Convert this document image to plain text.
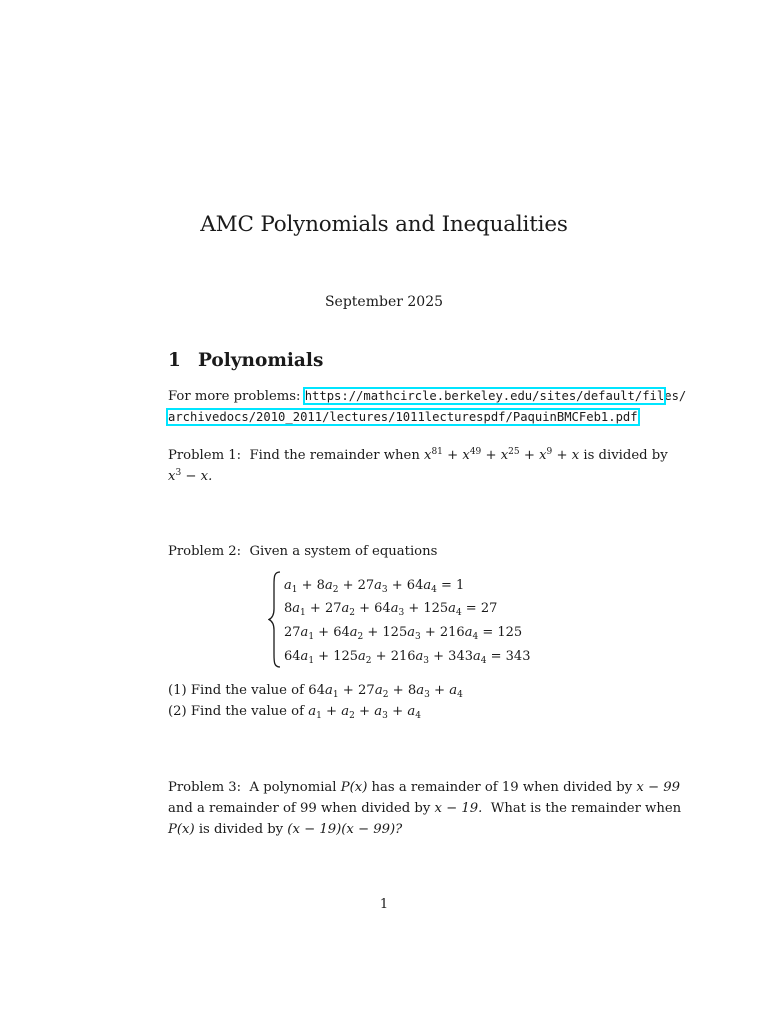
AMC Polynomials and Inequalities
September 2025
1 Polynomials
For more problems: https://mathcircle.berkeley.edu/sites/default/files/
archivedocs/2010_2011/lectures/1011lecturespdf/PaquinBMCFeb1.pdf
Problem 1: Find the remainder when $x^{81} + x^{49} + x^{25} + x^9 + x$ is divided by
$x^3 - x$.
Problem 2: Given a system of equations
$a_1 + 8a_2 + 27a_3 + 64a_4 = 1$
$8a_1 + 27a_2 + 64a_3 + 125a_4 = 27$
$27a_1 + 64a_2 + 125a_3 + 216a_4 = 125$
$64a_1 + 125a_2 + 216a_3 + 343a_4 = 343$
(1) Find the value of $64a_1 + 27a_2 + 8a_3 + a_4$
(2) Find the value of $a_1 + a_2 + a_3 + a_4$
Problem 3: A polynomial P(x) has a remainder of 19 when divided by x − 99
and a remainder of 99 when divided by x − 19. What is the remainder when
P(x) is divided by (x − 19)(x − 99)?
1
